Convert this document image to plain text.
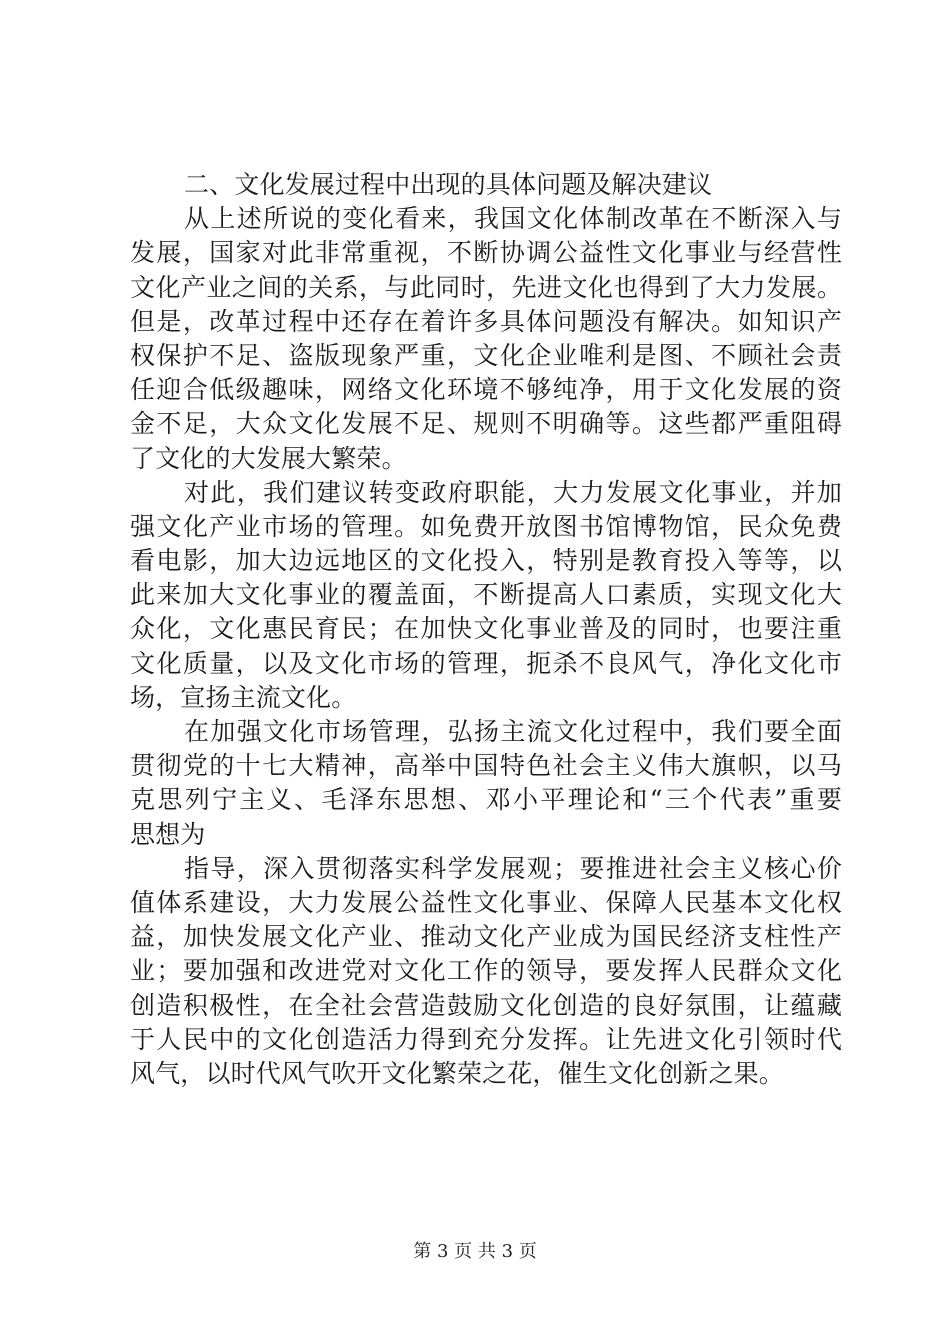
二、文化发展过程中出现的具体问题及解决建议
从上述所说的变化看来，我国文化体制改革在不断深入与
发展，国家对此非常重视，不断协调公益性文化事业与经营性
文化产业之间的关系，与此同时，先进文化也得到了大力发展。
但是，改革过程中还存在着许多具体问题没有解决。如知识产
权保护不足、盗版现象严重，文化企业唯利是图、不顾社会责
任迎合低级趣味，网络文化环境不够纯净，用于文化发展的资
金不足，大众文化发展不足、规则不明确等。这些都严重阻碍
了文化的大发展大繁荣。
对此，我们建议转变政府职能，大力发展文化事业，并加
强文化产业市场的管理。如免费开放图书馆博物馆，民众免费
看电影，加大边远地区的文化投入，特别是教育投入等等，以
此来加大文化事业的覆盖面，不断提高人口素质，实现文化大
众化，文化惠民育民；在加快文化事业普及的同时，也要注重
文化质量，以及文化市场的管理，扼杀不良风气，净化文化市
场，宣扬主流文化。
在加强文化市场管理，弘扬主流文化过程中，我们要全面
贯彻党的十七大精神，高举中国特色社会主义伟大旗帜，以马
克思列宁主义、毛泽东思想、邓小平理论和“三个代表”重要
思想为
指导，深入贯彻落实科学发展观；要推进社会主义核心价
值体系建设，大力发展公益性文化事业、保障人民基本文化权
益，加快发展文化产业、推动文化产业成为国民经济支柱性产
业；要加强和改进党对文化工作的领导，要发挥人民群众文化
创造积极性，在全社会营造鼓励文化创造的良好氛围，让蕴藏
于人民中的文化创造活力得到充分发挥。让先进文化引领时代
风气，以时代风气吹开文化繁荣之花，催生文化创新之果。
第 3 页 共 3 页
